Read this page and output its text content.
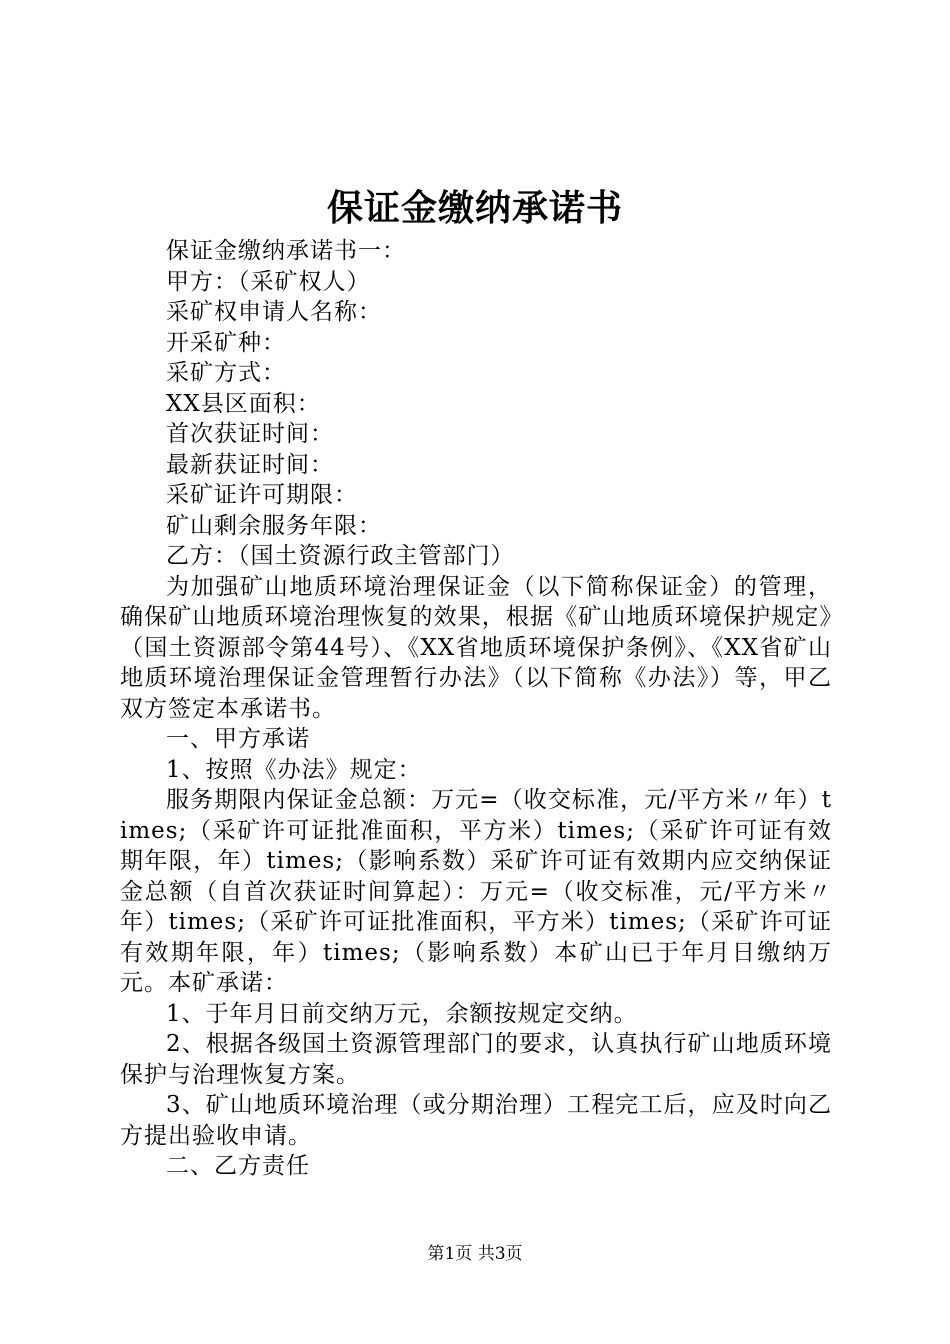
保证金缴纳承诺书

保证金缴纳承诺书一：

甲方：（采矿权人）

采矿权申请人名称：

开采矿种：

采矿方式：

XX县区面积：

首次获证时间：

最新获证时间：

采矿证许可期限：

矿山剩余服务年限：

乙方：（国土资源行政主管部门）

为加强矿山地质环境治理保证金（以下简称保证金）的管理，确保矿山地质环境治理恢复的效果，根据《矿山地质环境保护规定》（国土资源部令第44号）、《XX省地质环境保护条例》、《XX省矿山地质环境治理保证金管理暂行办法》（以下简称《办法》）等，甲乙双方签定本承诺书。

一、甲方承诺

1、按照《办法》规定：

服务期限内保证金总额：万元=（收交标准，元/平方米〃年）times;（采矿许可证批准面积，平方米）times;（采矿许可证有效期年限，年）times;（影响系数）采矿许可证有效期内应交纳保证金总额（自首次获证时间算起）：万元=（收交标准，元/平方米〃年）times;（采矿许可证批准面积，平方米）times;（采矿许可证有效期年限，年）times;（影响系数）本矿山已于年月日缴纳万元。本矿承诺：

1、于年月日前交纳万元，余额按规定交纳。

2、根据各级国土资源管理部门的要求，认真执行矿山地质环境保护与治理恢复方案。

3、矿山地质环境治理（或分期治理）工程完工后，应及时向乙方提出验收申请。

二、乙方责任

第1页 共3页
